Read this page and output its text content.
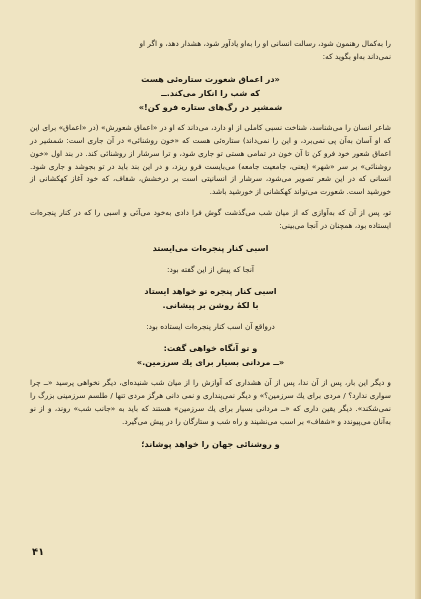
را به‌کمال رهنمون شود، رسالت انسانی او را به‌او یادآور شود، هشدار دهد، و اگر او

نمی‌داند به‌او بگوید که:

«در اعماق شعورت ستاره‌ئی هست
که شب را انکار می‌کند.ــ
شمشیر در رگ‌های ستاره فرو کن!»

شاعر انسان را می‌شناسد، شناخت نسبی کاملی از او دارد، می‌داند که او در «اعماق شعورش» (در «اعماق» برای این که او آسان به‌آن پی نمی‌برد، و این را نمی‌داند) ستاره‌ئی هست که «خون روشنائی» در آن جاری است: شمشیر در اعماق شعور خود فرو کن تا آن خون در تمامی هستی تو جاری شود، و ترا سرشار از روشنائی کند. در بند اول «خون روشنائی» بر سر «شهر» (یعنی، جامعیت جامعه) می‌بایست فرو ریزد، و در این بند باید در تو بجوشد و جاری شود. انسانی که در این شعر تصویر می‌شود، سرشار از انسانیتی است بر درخشش، شفاف، که خود آغاز کهکشانی از خورشید است. شعورت می‌تواند کهکشانی از خورشید باشد.

تو، پس از آن که به‌آوازی که از میان شب می‌گذشت گوش فرا دادی به‌خود می‌آئی و اسبی را که در کنار پنجره‌ات ایستاده بود، همچنان در آنجا می‌بینی:

اسبی کنار پنجره‌ات می‌ایستد
آنجا که پیش از این گفته بود:
اسبی کنار پنجره تو خواهد ایستاد
با لکهٔ روشن بر پیشانی.
درواقع آن اسب کنار پنجره‌ات ایستاده بود:
و تو آنگاه خواهی گفت:
«ــ مردانی بسیار برای یك سرزمین.»

و دیگر این بار، پس از آن ندا، پس از آن هشداری که آوازش را از میان شب شنیده‌ای، دیگر نخواهی پرسید «ــ چرا سواری ندارد؟ / مردی برای یك سرزمین؟» و دیگر نمی‌پنداری و نمی دانی هرگز مردی تنها / طلسم سرزمینی بزرگ را نمی‌شکند». دیگر یقین داری که «ــ مردانی بسیار برای یك سرزمین» هستند که باید به «جانب شب» روند، و از نو به‌آنان می‌پیوندد و «شفاف» بر اسب می‌نشیند و راه شب و ستارگان را در پیش می‌گیرد.

و روشنائی جهان را خواهد پوشاند؛
۴۱
